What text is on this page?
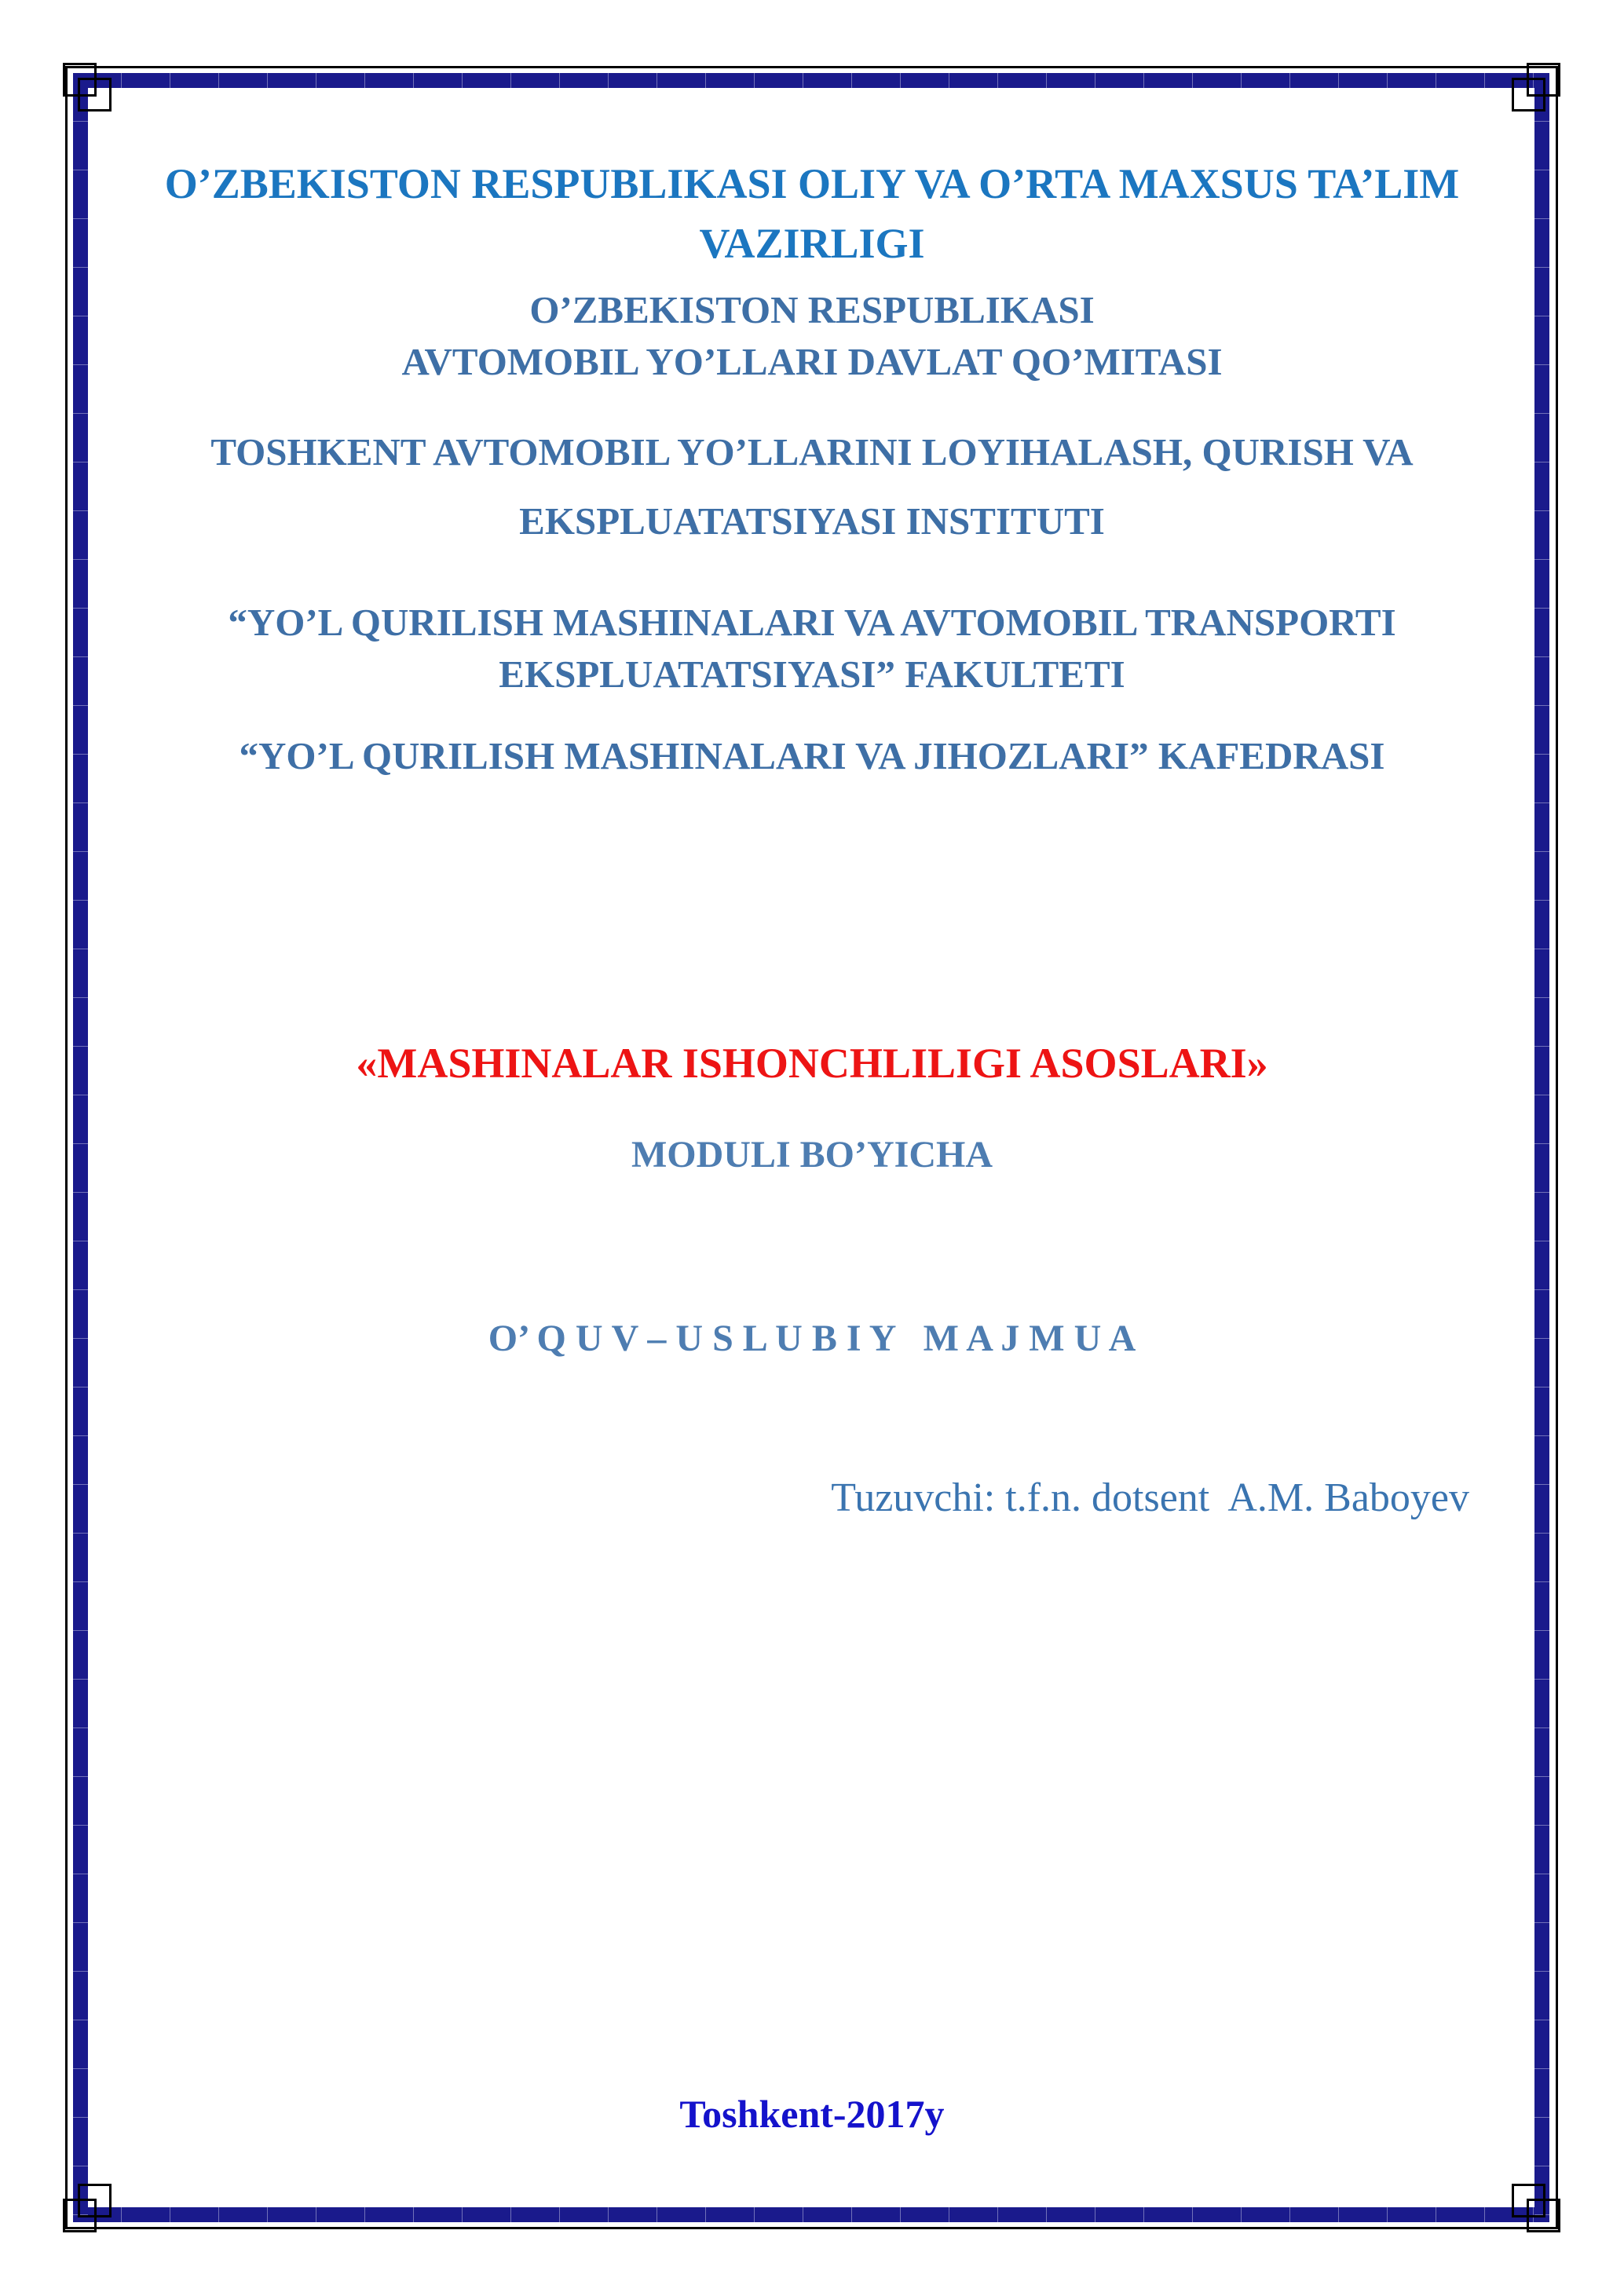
O’ZBEKISTON RESPUBLIKASI OLIY VA O’RTA MAXSUS TA’LIM
VAZIRLIGI
O’ZBEKISTON RESPUBLIKASI
AVTOMOBIL YO’LLARI DAVLAT QO’MITASI
TOSHKENT AVTOMOBIL YO’LLARINI LOYIHALASH, QURISH VA
EKSPLUATATSIYASI INSTITUTI
“YO’L QURILISH MASHINALARI VA AVTOMOBIL TRANSPORTI
EKSPLUATATSIYASI” FAKULTETI
“YO’L QURILISH MASHINALARI VA JIHOZLARI” KAFEDRASI
«MASHINALAR ISHONCHLILIGI ASOSLARI»
MODULI BO’YICHA

O’ Q U V – U S L U B I Y   M A J M U A

Tuzuvchi: t.f.n. dotsent  A.M. Baboyev
Toshkent-2017y
